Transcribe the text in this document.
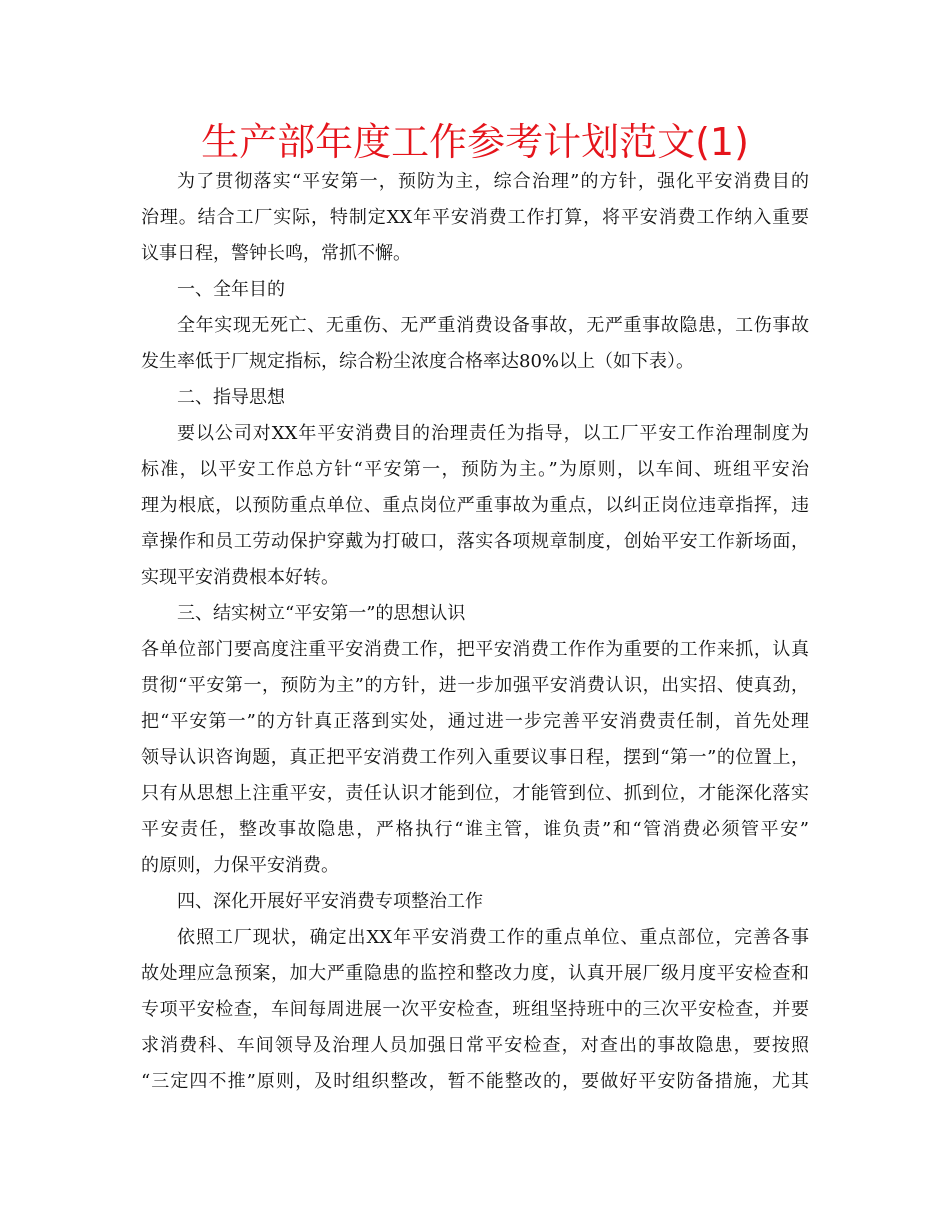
生产部年度工作参考计划范文(1)

为了贯彻落实“平安第一，预防为主，综合治理”的方针，强化平安消费目的

治理。结合工厂实际，特制定XX年平安消费工作打算，将平安消费工作纳入重要

议事日程，警钟长鸣，常抓不懈。

一、全年目的

全年实现无死亡、无重伤、无严重消费设备事故，无严重事故隐患，工伤事故

发生率低于厂规定指标，综合粉尘浓度合格率达80%以上（如下表）。

二、指导思想

要以公司对XX年平安消费目的治理责任为指导，以工厂平安工作治理制度为

标准，以平安工作总方针“平安第一，预防为主。”为原则，以车间、班组平安治

理为根底，以预防重点单位、重点岗位严重事故为重点，以纠正岗位违章指挥，违

章操作和员工劳动保护穿戴为打破口，落实各项规章制度，创始平安工作新场面，

实现平安消费根本好转。

三、结实树立“平安第一”的思想认识

各单位部门要高度注重平安消费工作，把平安消费工作作为重要的工作来抓，认真

贯彻“平安第一，预防为主”的方针，进一步加强平安消费认识，出实招、使真劲，

把“平安第一”的方针真正落到实处，通过进一步完善平安消费责任制，首先处理

领导认识咨询题，真正把平安消费工作列入重要议事日程，摆到“第一”的位置上，

只有从思想上注重平安，责任认识才能到位，才能管到位、抓到位，才能深化落实

平安责任，整改事故隐患，严格执行“谁主管，谁负责”和“管消费必须管平安”

的原则，力保平安消费。

四、深化开展好平安消费专项整治工作

依照工厂现状，确定出XX年平安消费工作的重点单位、重点部位，完善各事

故处理应急预案，加大严重隐患的监控和整改力度，认真开展厂级月度平安检查和

专项平安检查，车间每周进展一次平安检查，班组坚持班中的三次平安检查，并要

求消费科、车间领导及治理人员加强日常平安检查，对查出的事故隐患，要按照

“三定四不推”原则，及时组织整改，暂不能整改的，要做好平安防备措施，尤其
